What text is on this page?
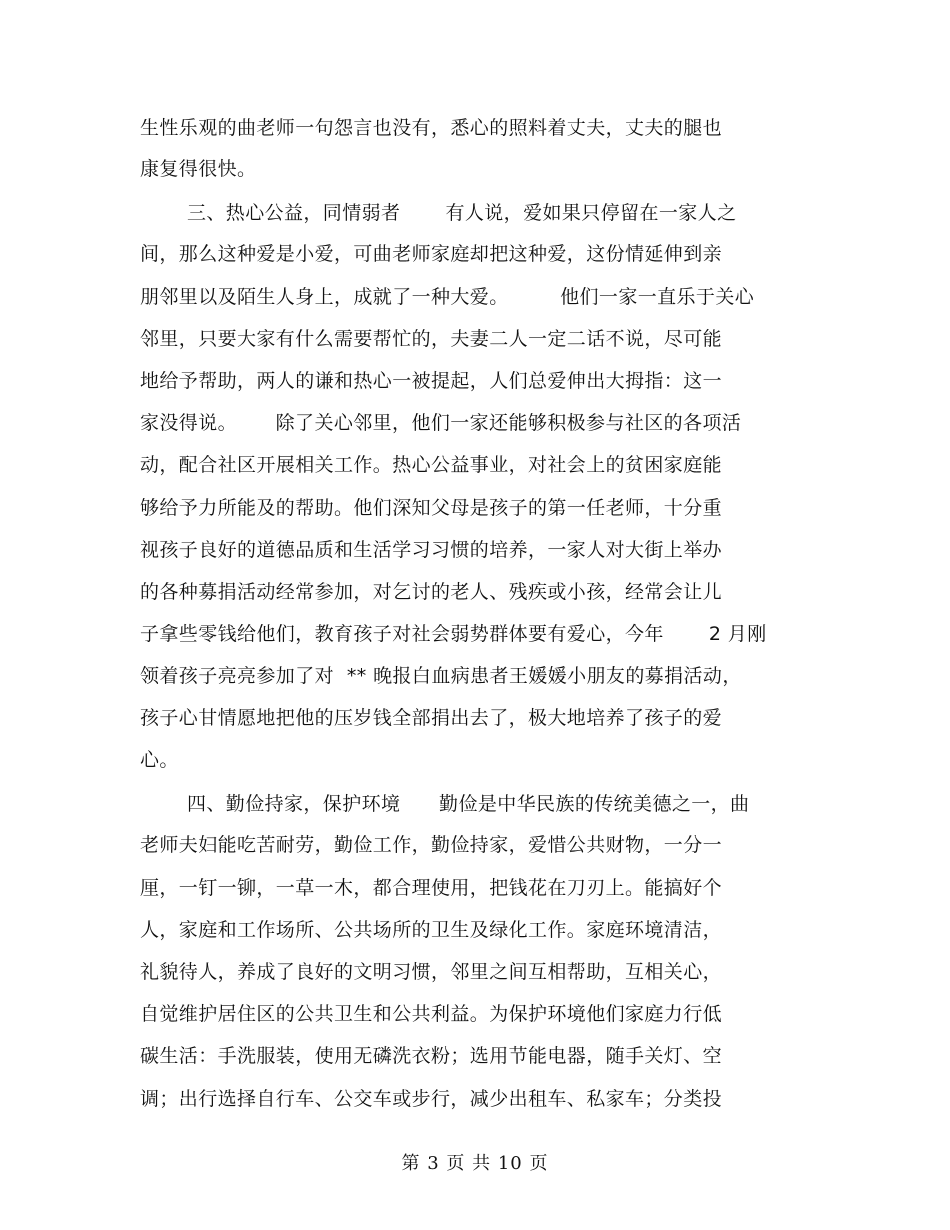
生性乐观的曲老师一句怨言也没有，悉心的照料着丈夫，丈夫的腿也
康复得很快。
三、热心公益，同情弱者       有人说，爱如果只停留在一家人之
间，那么这种爱是小爱，可曲老师家庭却把这种爱，这份情延伸到亲
朋邻里以及陌生人身上，成就了一种大爱。        他们一家一直乐于关心
邻里，只要大家有什么需要帮忙的，夫妻二人一定二话不说，尽可能
地给予帮助，两人的谦和热心一被提起，人们总爱伸出大拇指：这一
家没得说。      除了关心邻里，他们一家还能够积极参与社区的各项活
动，配合社区开展相关工作。热心公益事业，对社会上的贫困家庭能
够给予力所能及的帮助。他们深知父母是孩子的第一任老师，十分重
视孩子良好的道德品质和生活学习习惯的培养，一家人对大街上举办
的各种募捐活动经常参加，对乞讨的老人、残疾或小孩，经常会让儿
子拿些零钱给他们，教育孩子对社会弱势群体要有爱心，今年       2 月刚
领着孩子亮亮参加了对  ** 晚报白血病患者王媛媛小朋友的募捐活动，
孩子心甘情愿地把他的压岁钱全部捐出去了，极大地培养了孩子的爱
心。
四、勤俭持家，保护环境      勤俭是中华民族的传统美德之一，曲
老师夫妇能吃苦耐劳，勤俭工作，勤俭持家，爱惜公共财物，一分一
厘，一钉一铆，一草一木，都合理使用，把钱花在刀刃上。能搞好个
人，家庭和工作场所、公共场所的卫生及绿化工作。家庭环境清洁，
礼貌待人，养成了良好的文明习惯，邻里之间互相帮助，互相关心，
自觉维护居住区的公共卫生和公共利益。为保护环境他们家庭力行低
碳生活：手洗服装，使用无磷洗衣粉；选用节能电器，随手关灯、空
调；出行选择自行车、公交车或步行，减少出租车、私家车；分类投
第 3 页 共 10 页
